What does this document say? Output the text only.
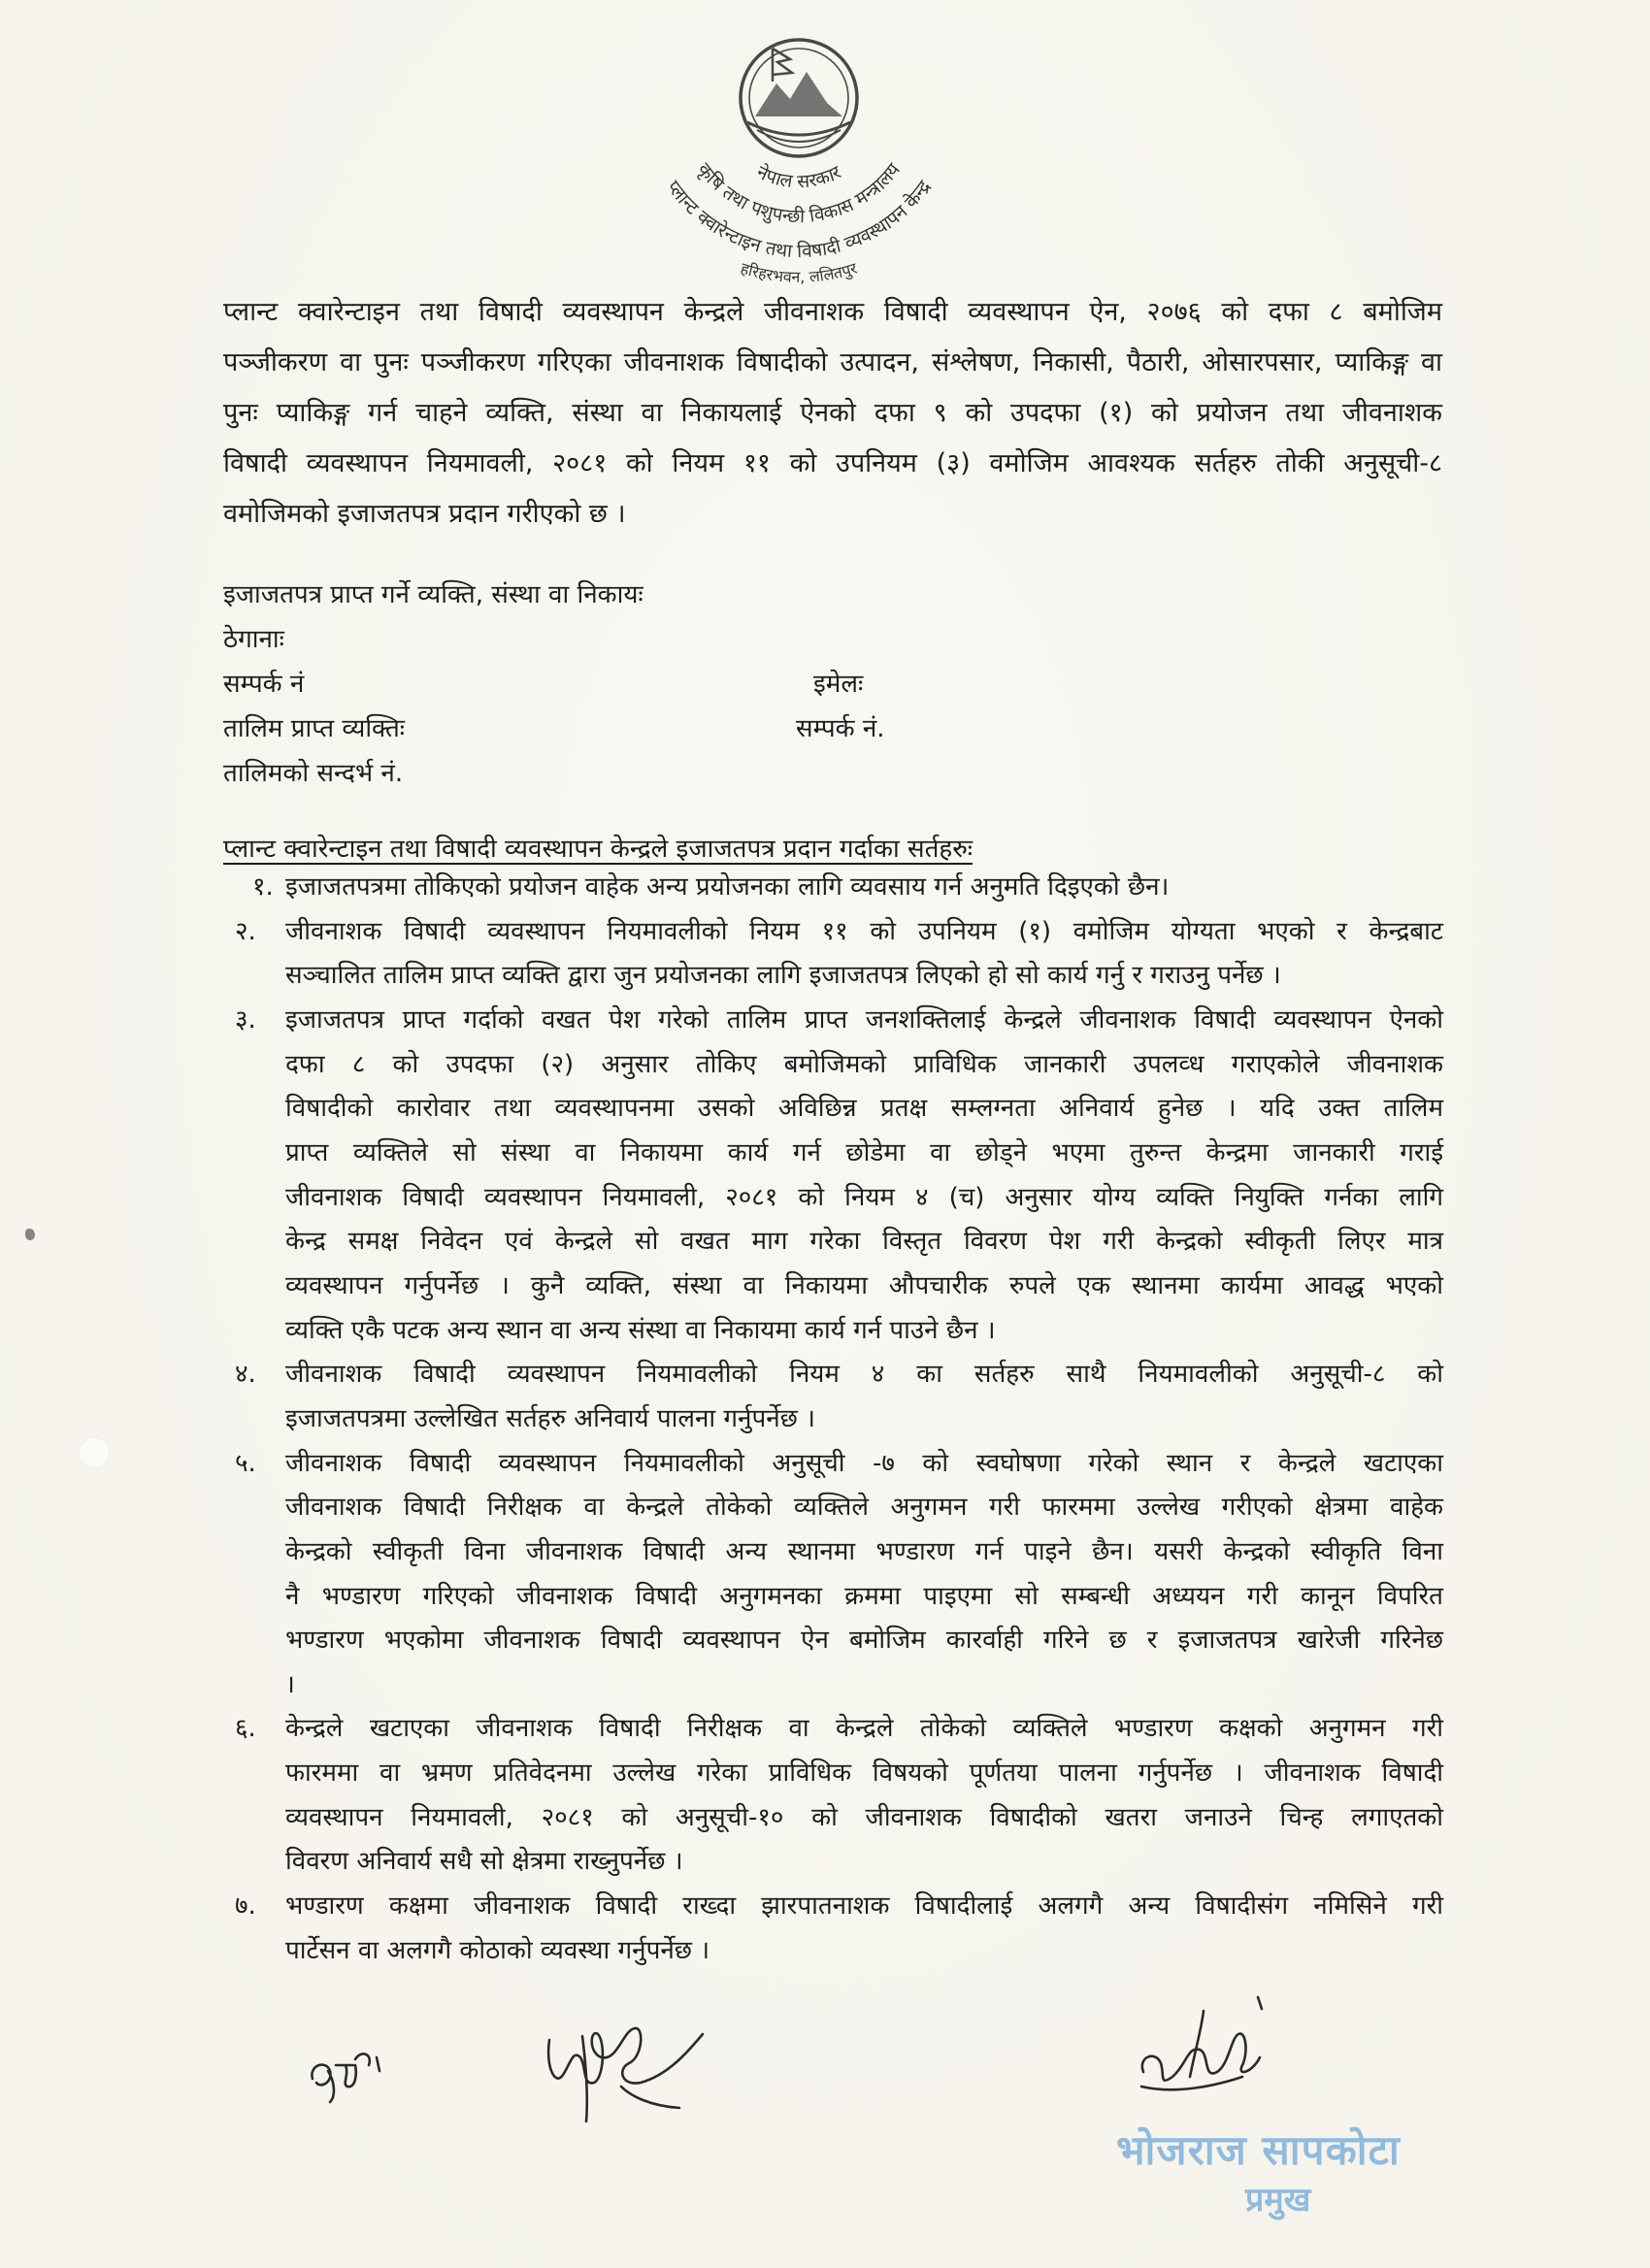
नेपाल सरकार
कृषि तथा पशुपन्छी विकास मन्त्रालय
प्लान्ट क्वारेन्टाइन तथा विषादी व्यवस्थापन केन्द्र
हरिहरभवन, ललितपुर
प्लान्ट क्वारेन्टाइन तथा विषादी व्यवस्थापन केन्द्रले जीवनाशक विषादी व्यवस्थापन ऐन, २०७६ को दफा ८ बमोजिम
पञ्जीकरण वा पुनः पञ्जीकरण गरिएका जीवनाशक विषादीको उत्पादन, संश्लेषण, निकासी, पैठारी, ओसारपसार, प्याकिङ्ग वा
पुनः प्याकिङ्ग गर्न चाहने व्यक्ति, संस्था वा निकायलाई ऐनको दफा ९ को उपदफा (१) को प्रयोजन तथा जीवनाशक
विषादी व्यवस्थापन नियमावली, २०८१ को नियम ११ को उपनियम (३) वमोजिम आवश्यक सर्तहरु तोकी अनुसूची-८
वमोजिमको इजाजतपत्र प्रदान गरीएको छ ।
इजाजतपत्र प्राप्त गर्ने व्यक्ति, संस्था वा निकायः
ठेगानाः
सम्पर्क नं	इमेलः
तालिम प्राप्त व्यक्तिः	सम्पर्क नं.
तालिमको सन्दर्भ नं.
प्लान्ट क्वारेन्टाइन तथा विषादी व्यवस्थापन केन्द्रले इजाजतपत्र प्रदान गर्दाका सर्तहरुः
१. इजाजतपत्रमा तोकिएको प्रयोजन वाहेक अन्य प्रयोजनका लागि व्यवसाय गर्न अनुमति दिइएको छैन।
२. जीवनाशक विषादी व्यवस्थापन नियमावलीको नियम ११ को उपनियम (१) वमोजिम योग्यता भएको र केन्द्रबाट
सञ्चालित तालिम प्राप्त व्यक्ति द्वारा जुन प्रयोजनका लागि इजाजतपत्र लिएको हो सो कार्य गर्नु र गराउनु पर्नेछ ।
३. इजाजतपत्र प्राप्त गर्दाको वखत पेश गरेको तालिम प्राप्त जनशक्तिलाई केन्द्रले जीवनाशक विषादी व्यवस्थापन ऐनको
दफा ८ को उपदफा (२) अनुसार तोकिए बमोजिमको प्राविधिक जानकारी उपलव्ध गराएकोले जीवनाशक
विषादीको कारोवार तथा व्यवस्थापनमा उसको अविछिन्न प्रतक्ष सम्लग्नता अनिवार्य हुनेछ । यदि उक्त तालिम
प्राप्त व्यक्तिले सो संस्था वा निकायमा कार्य गर्न छोडेमा वा छोड्ने भएमा तुरुन्त केन्द्रमा जानकारी गराई
जीवनाशक विषादी व्यवस्थापन नियमावली, २०८१ को नियम ४ (च) अनुसार योग्य व्यक्ति नियुक्ति गर्नका लागि
केन्द्र समक्ष निवेदन एवं केन्द्रले सो वखत माग गरेका विस्तृत विवरण पेश गरी केन्द्रको स्वीकृती लिएर मात्र
व्यवस्थापन गर्नुपर्नेछ । कुनै व्यक्ति, संस्था वा निकायमा औपचारीक रुपले एक स्थानमा कार्यमा आवद्ध भएको
व्यक्ति एकै पटक अन्य स्थान वा अन्य संस्था वा निकायमा कार्य गर्न पाउने छैन ।
४. जीवनाशक विषादी व्यवस्थापन नियमावलीको नियम ४ का सर्तहरु साथै नियमावलीको अनुसूची-८ को
इजाजतपत्रमा उल्लेखित सर्तहरु अनिवार्य पालना गर्नुपर्नेछ ।
५. जीवनाशक विषादी व्यवस्थापन नियमावलीको अनुसूची -७ को स्वघोषणा गरेको स्थान र केन्द्रले खटाएका
जीवनाशक विषादी निरीक्षक वा केन्द्रले तोकेको व्यक्तिले अनुगमन गरी फारममा उल्लेख गरीएको क्षेत्रमा वाहेक
केन्द्रको स्वीकृती विना जीवनाशक विषादी अन्य स्थानमा भण्डारण गर्न पाइने छैन। यसरी केन्द्रको स्वीकृति विना
नै भण्डारण गरिएको जीवनाशक विषादी अनुगमनका क्रममा पाइएमा सो सम्बन्धी अध्ययन गरी कानून विपरित
भण्डारण भएकोमा जीवनाशक विषादी व्यवस्थापन ऐन बमोजिम कारर्वाही गरिने छ र इजाजतपत्र खारेजी गरिनेछ
।
६. केन्द्रले खटाएका जीवनाशक विषादी निरीक्षक वा केन्द्रले तोकेको व्यक्तिले भण्डारण कक्षको अनुगमन गरी
फारममा वा भ्रमण प्रतिवेदनमा उल्लेख गरेका प्राविधिक विषयको पूर्णतया पालना गर्नुपर्नेछ । जीवनाशक विषादी
व्यवस्थापन नियमावली, २०८१ को अनुसूची-१० को जीवनाशक विषादीको खतरा जनाउने चिन्ह लगाएतको
विवरण अनिवार्य सधै सो क्षेत्रमा राख्नुपर्नेछ ।
७. भण्डारण कक्षमा जीवनाशक विषादी राख्दा झारपातनाशक विषादीलाई अलगगै अन्य विषादीसंग नमिसिने गरी
पार्टेसन वा अलगगै कोठाको व्यवस्था गर्नुपर्नेछ ।
भोजराज सापकोटा
प्रमुख
